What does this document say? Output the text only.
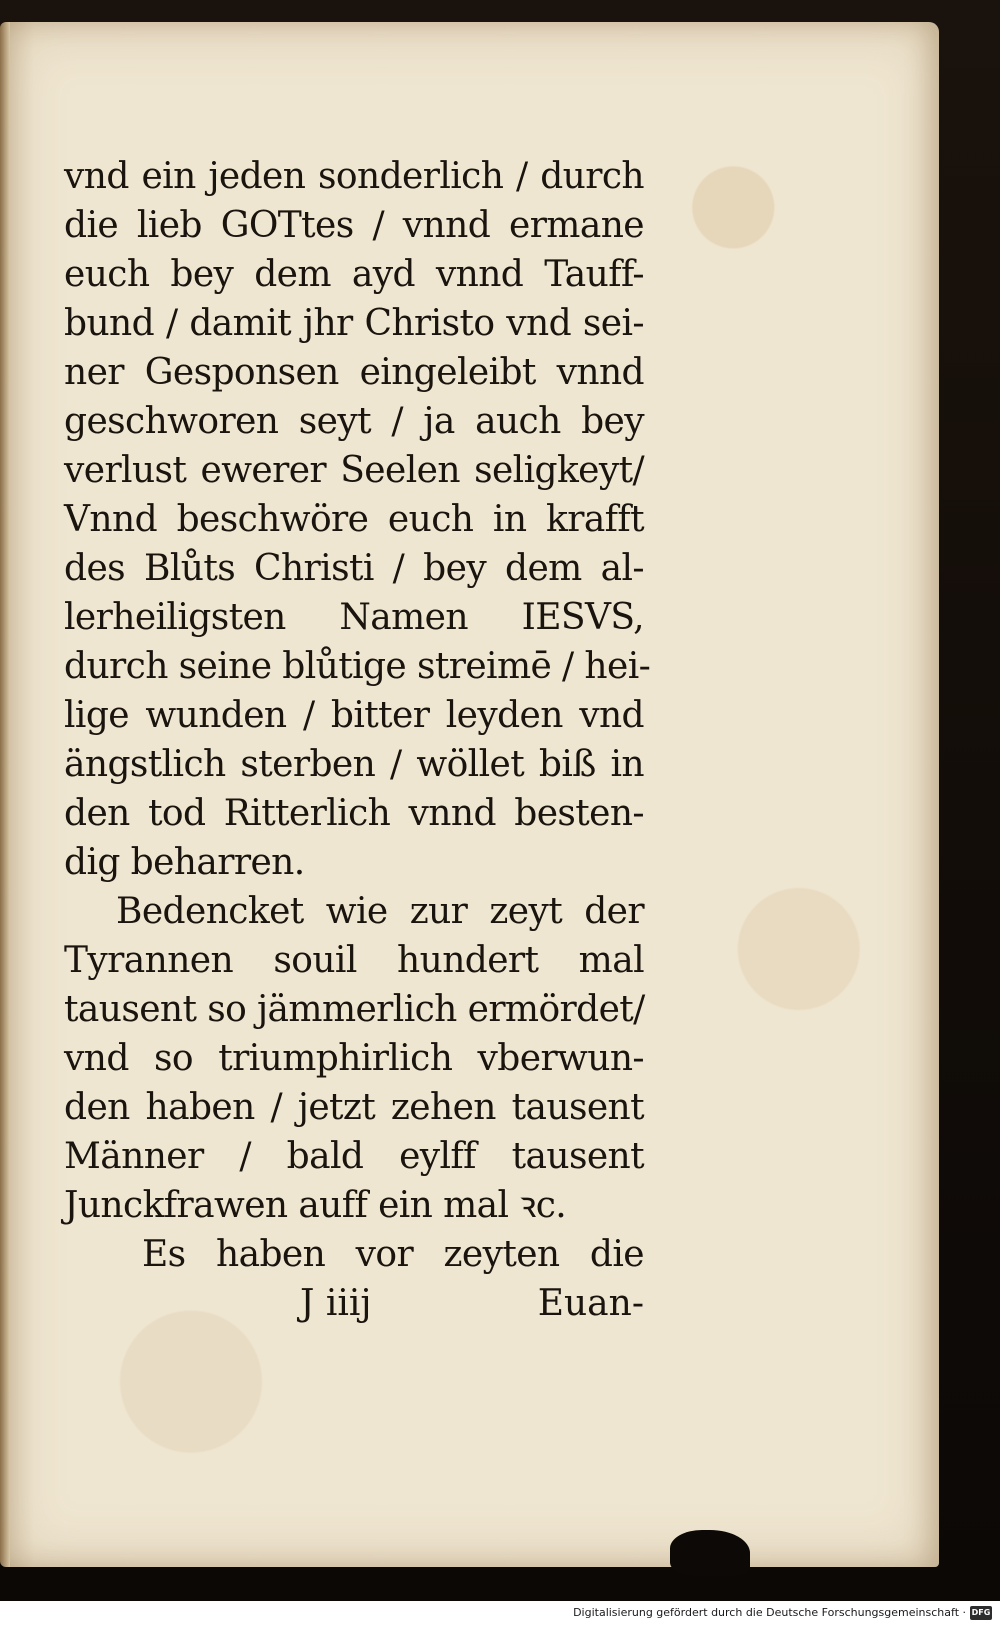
vnd ein jeden sonderlich / durch
die lieb GOTtes / vnnd ermane
euch bey dem ayd vnnd Tauff-
bund / damit jhr Christo vnd sei-
ner Gesponsen eingeleibt vnnd
geschworen seyt / ja auch bey
verlust ewerer Seelen seligkeyt/
Vnnd beschwöre euch in krafft
des Blůts Christi / bey dem al-
lerheiligsten Namen IESVS,
durch seine blůtige streimē / hei-
lige wunden / bitter leyden vnd
ängstlich sterben / wöllet biß in
den tod Ritterlich vnnd besten-
dig beharren.
Bedencket wie zur zeyt der
Tyrannen souil hundert mal
tausent so jämmerlich ermördet/
vnd so triumphirlich vberwun-
den haben / jetzt zehen tausent
Männer / bald eylff tausent
Junckfrawen auff ein mal ꝛc.
Es haben vor zeyten die
J iiij	Euan-
Digitalisierung gefördert durch die Deutsche Forschungsgemeinschaft · DFG
